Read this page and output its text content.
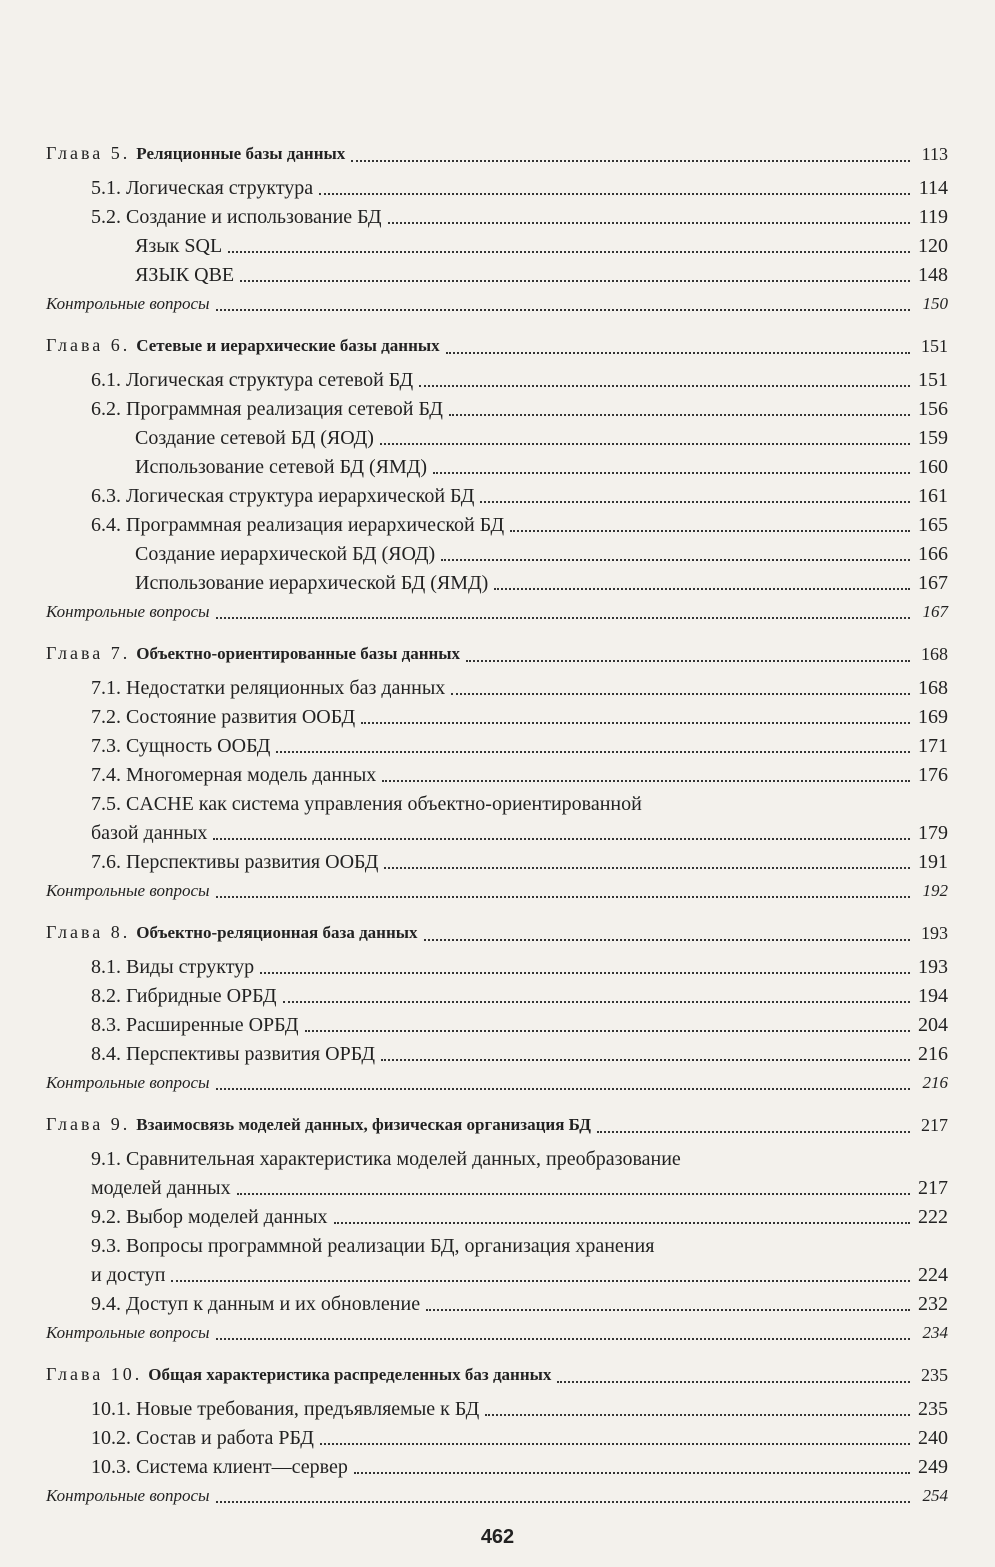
Глава 5. Реляционные базы данных	113
5.1. Логическая структура	114
5.2. Создание и использование БД	119
Язык SQL	120
ЯЗЫК QBE	148
Контрольные вопросы	150
Глава 6. Сетевые и иерархические базы данных	151
6.1. Логическая структура сетевой БД	151
6.2. Программная реализация сетевой БД	156
Создание сетевой БД (ЯОД)	159
Использование сетевой БД (ЯМД)	160
6.3. Логическая структура иерархической БД	161
6.4. Программная реализация иерархической БД	165
Создание иерархической БД (ЯОД)	166
Использование иерархической БД (ЯМД)	167
Контрольные вопросы	167
Глава 7. Объектно-ориентированные базы данных	168
7.1. Недостатки реляционных баз данных	168
7.2. Состояние развития ООБД	169
7.3. Сущность ООБД	171
7.4. Многомерная модель данных	176
7.5. CACHE как система управления объектно-ориентированной
базой данных	179
7.6. Перспективы развития ООБД	191
Контрольные вопросы	192
Глава 8. Объектно-реляционная база данных	193
8.1. Виды структур	193
8.2. Гибридные ОРБД	194
8.3. Расширенные ОРБД	204
8.4. Перспективы развития ОРБД	216
Контрольные вопросы	216
Глава 9. Взаимосвязь моделей данных, физическая организация БД	217
9.1. Сравнительная характеристика моделей данных, преобразование
моделей данных	217
9.2. Выбор моделей данных	222
9.3. Вопросы программной реализации БД, организация хранения
и доступ	224
9.4. Доступ к данным и их обновление	232
Контрольные вопросы	234
Глава 10. Общая характеристика распределенных баз данных	235
10.1. Новые требования, предъявляемые к БД	235
10.2. Состав и работа РБД	240
10.3. Система клиент—сервер	249
Контрольные вопросы	254
462
